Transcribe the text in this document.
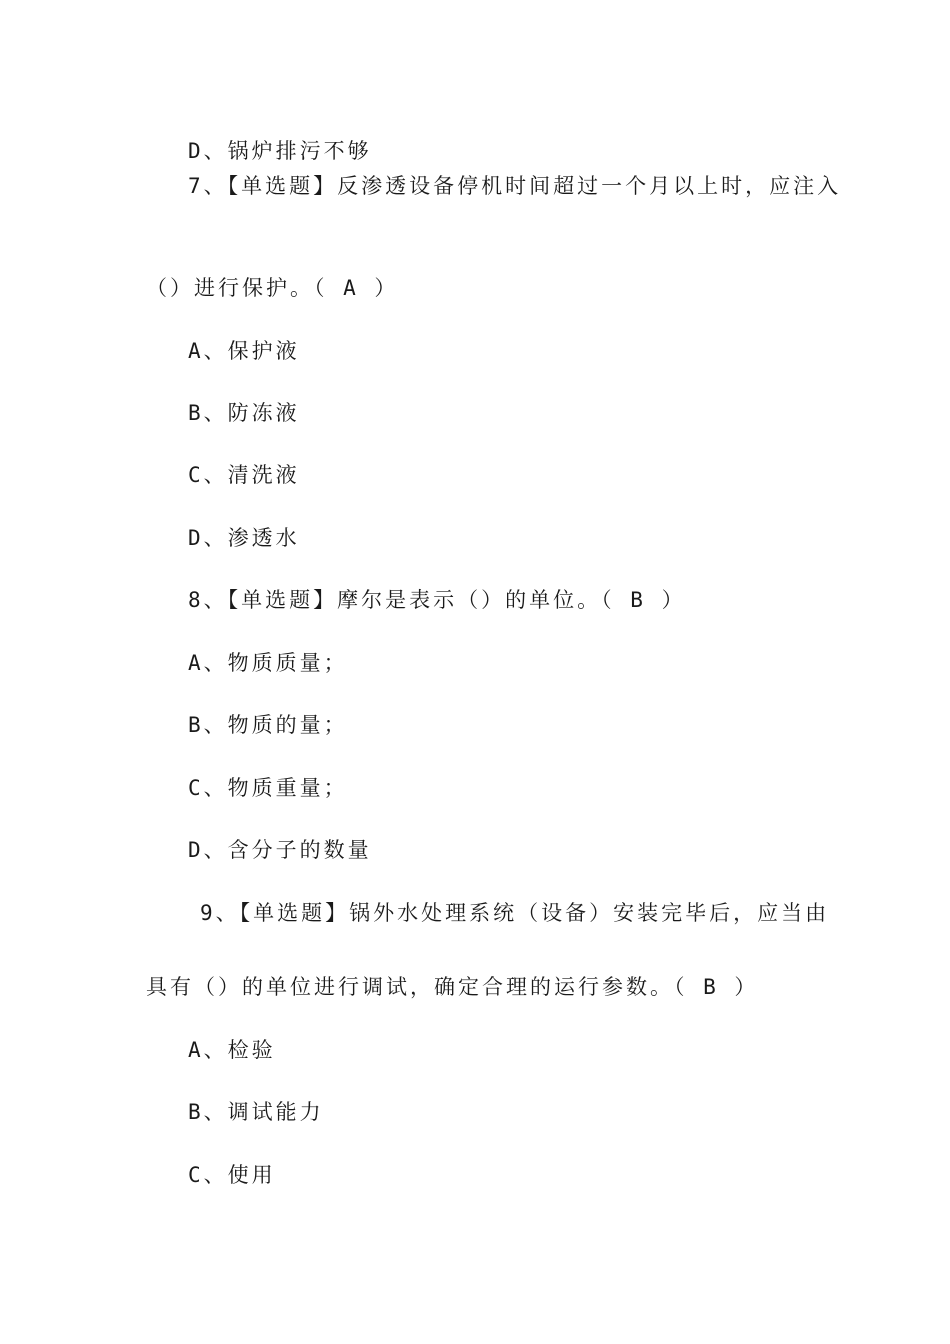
D、锅炉排污不够
7、【单选题】反渗透设备停机时间超过一个月以上时，应注入
（）进行保护。（ A ）
A、保护液
B、防冻液
C、清洗液
D、渗透水
8、【单选题】摩尔是表示（）的单位。（ B ）
A、物质质量；
B、物质的量；
C、物质重量；
D、含分子的数量
9、【单选题】锅外水处理系统（设备）安装完毕后，应当由
具有（）的单位进行调试，确定合理的运行参数。（ B ）
A、检验
B、调试能力
C、使用
